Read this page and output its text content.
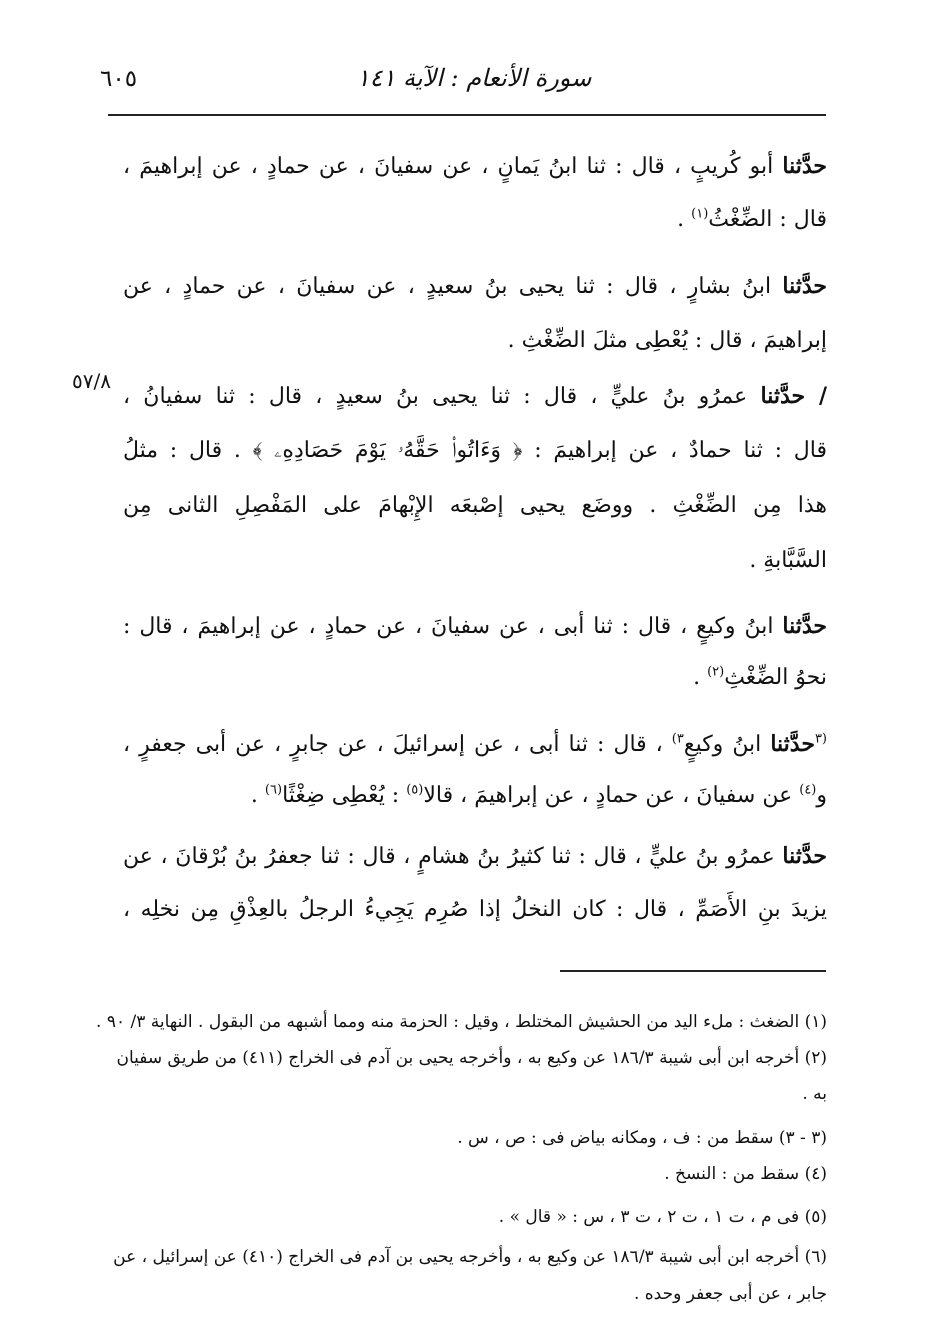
سورة الأنعام : الآية ١٤١
٦٠٥
٥٧/٨
حدَّثنا أبو كُريبٍ ، قال : ثنا ابنُ يَمانٍ ، عن سفيانَ ، عن حمادٍ ، عن إبراهيمَ ،
قال : الضِّغْثُ$^{(١)}$ .
حدَّثنا ابنُ بشارٍ ، قال : ثنا يحيى بنُ سعيدٍ ، عن سفيانَ ، عن حمادٍ ، عن
إبراهيمَ ، قال : يُعْطِى مثلَ الضِّغْثِ .
/ حدَّثنا عمرُو بنُ عليٍّ ، قال : ثنا يحيى بنُ سعيدٍ ، قال : ثنا سفيانُ ،
قال : ثنا حمادٌ ، عن إبراهيمَ : ﴿ وَءَاتُوا۟ حَقَّهُۥ يَوْمَ حَصَادِهِۦ ﴾ . قال : مثلُ
هذا مِن الضِّغْثِ . ووضَع يحيى إصْبعَه الإِبْهامَ على المَفْصِلِ الثانى مِن
السَّبَّابةِ .
حدَّثنا ابنُ وكيعٍ ، قال : ثنا أبى ، عن سفيانَ ، عن حمادٍ ، عن إبراهيمَ ، قال :
نحوُ الضِّغْثِ$^{(٢)}$ .
$^{(٣}$حدَّثنا ابنُ وكيعٍ$^{٣)}$ ، قال : ثنا أبى ، عن إسرائيلَ ، عن جابرٍ ، عن أبى جعفرٍ ،
و$^{(٤)}$ عن سفيانَ ، عن حمادٍ ، عن إبراهيمَ ، قالا$^{(٥)}$ : يُعْطِى ضِغْثًا$^{(٦)}$ .
حدَّثنا عمرُو بنُ عليٍّ ، قال : ثنا كثيرُ بنُ هشامٍ ، قال : ثنا جعفرُ بنُ بُرْقانَ ، عن
يزيدَ بنِ الأَصَمِّ ، قال : كان النخلُ إذا صُرِم يَجِيءُ الرجلُ بالعِذْقِ مِن نخلِه ،
(١) الضغث : ملء اليد من الحشيش المختلط ، وقيل : الحزمة منه ومما أشبهه من البقول . النهاية ٣/ ٩٠ .
(٢) أخرجه ابن أبى شيبة ١٨٦/٣ عن وكيع به ، وأخرجه يحيى بن آدم فى الخراج (٤١١) من طريق سفيان
به .
(٣ - ٣) سقط من : ف ، ومكانه بياض فى : ص ، س .
(٤) سقط من : النسخ .
(٥) فى م ، ت ١ ، ت ٢ ، ت ٣ ، س : « قال » .
(٦) أخرجه ابن أبى شيبة ١٨٦/٣ عن وكيع به ، وأخرجه يحيى بن آدم فى الخراج (٤١٠) عن إسرائيل ، عن
جابر ، عن أبى جعفر وحده .
